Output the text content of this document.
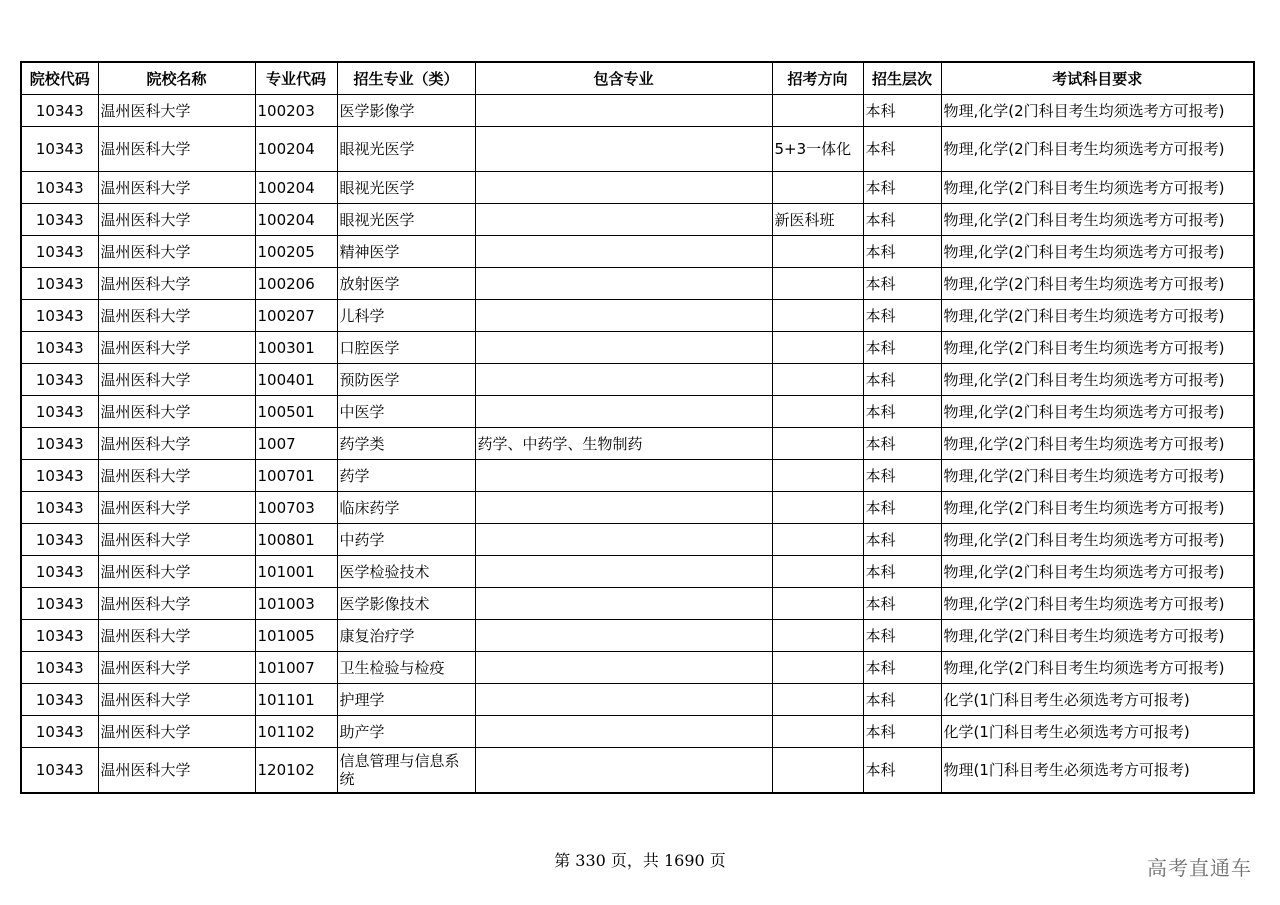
院校代码	院校名称	专业代码	招生专业（类）	包含专业	招考方向	招生层次	考试科目要求
10343	温州医科大学	100203	医学影像学			本科	物理,化学(2门科目考生均须选考方可报考)
10343	温州医科大学	100204	眼视光医学		5+3一体化	本科	物理,化学(2门科目考生均须选考方可报考)
10343	温州医科大学	100204	眼视光医学			本科	物理,化学(2门科目考生均须选考方可报考)
10343	温州医科大学	100204	眼视光医学		新医科班	本科	物理,化学(2门科目考生均须选考方可报考)
10343	温州医科大学	100205	精神医学			本科	物理,化学(2门科目考生均须选考方可报考)
10343	温州医科大学	100206	放射医学			本科	物理,化学(2门科目考生均须选考方可报考)
10343	温州医科大学	100207	儿科学			本科	物理,化学(2门科目考生均须选考方可报考)
10343	温州医科大学	100301	口腔医学			本科	物理,化学(2门科目考生均须选考方可报考)
10343	温州医科大学	100401	预防医学			本科	物理,化学(2门科目考生均须选考方可报考)
10343	温州医科大学	100501	中医学			本科	物理,化学(2门科目考生均须选考方可报考)
10343	温州医科大学	1007	药学类	药学、中药学、生物制药		本科	物理,化学(2门科目考生均须选考方可报考)
10343	温州医科大学	100701	药学			本科	物理,化学(2门科目考生均须选考方可报考)
10343	温州医科大学	100703	临床药学			本科	物理,化学(2门科目考生均须选考方可报考)
10343	温州医科大学	100801	中药学			本科	物理,化学(2门科目考生均须选考方可报考)
10343	温州医科大学	101001	医学检验技术			本科	物理,化学(2门科目考生均须选考方可报考)
10343	温州医科大学	101003	医学影像技术			本科	物理,化学(2门科目考生均须选考方可报考)
10343	温州医科大学	101005	康复治疗学			本科	物理,化学(2门科目考生均须选考方可报考)
10343	温州医科大学	101007	卫生检验与检疫			本科	物理,化学(2门科目考生均须选考方可报考)
10343	温州医科大学	101101	护理学			本科	化学(1门科目考生必须选考方可报考)
10343	温州医科大学	101102	助产学			本科	化学(1门科目考生必须选考方可报考)
10343	温州医科大学	120102	信息管理与信息系统			本科	物理(1门科目考生必须选考方可报考)
第 330 页，共 1690 页	高考直通车
